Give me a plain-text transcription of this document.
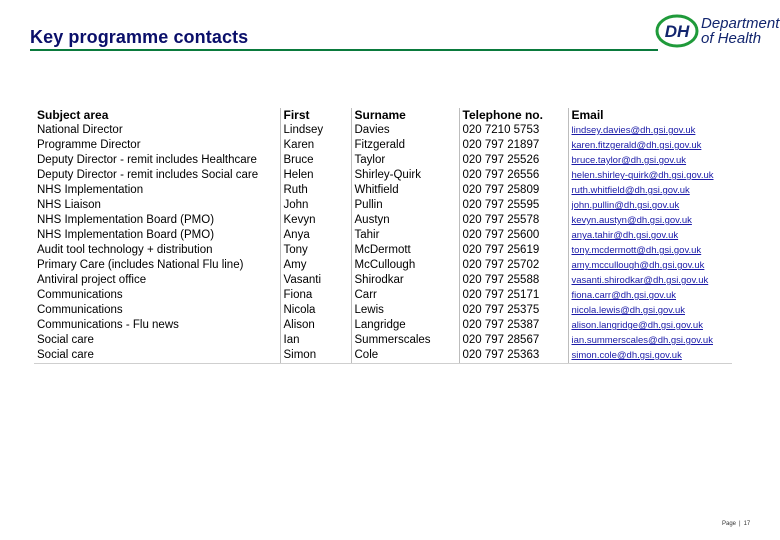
Key programme contacts	DH Department
of Health
Subject area	First	Surname	Telephone no.	Email
National Director	Lindsey	Davies	020 7210 5753	lindsey.davies@dh.gsi.gov.uk
Programme Director	Karen	Fitzgerald	020 797 21897	karen.fitzgerald@dh.gsi.gov.uk
Deputy Director - remit includes Healthcare	Bruce	Taylor	020 797 25526	bruce.taylor@dh.gsi.gov.uk
Deputy Director - remit includes Social care	Helen	Shirley-Quirk	020 797 26556	helen.shirley-quirk@dh.gsi.gov.uk
NHS Implementation	Ruth	Whitfield	020 797 25809	ruth.whitfield@dh.gsi.gov.uk
NHS Liaison	John	Pullin	020 797 25595	john.pullin@dh.gsi.gov.uk
NHS Implementation Board (PMO)	Kevyn	Austyn	020 797 25578	kevyn.austyn@dh.gsi.gov.uk
NHS Implementation Board (PMO)	Anya	Tahir	020 797 25600	anya.tahir@dh.gsi.gov.uk
Audit tool technology + distribution	Tony	McDermott	020 797 25619	tony.mcdermott@dh.gsi.gov.uk
Primary Care (includes National Flu line)	Amy	McCullough	020 797 25702	amy.mccullough@dh.gsi.gov.uk
Antiviral project office	Vasanti	Shirodkar	020 797 25588	vasanti.shirodkar@dh.gsi.gov.uk
Communications	Fiona	Carr	020 797 25171	fiona.carr@dh.gsi.gov.uk
Communications	Nicola	Lewis	020 797 25375	nicola.lewis@dh.gsi.gov.uk
Communications - Flu news	Alison	Langridge	020 797 25387	alison.langridge@dh.gsi.gov.uk
Social care	Ian	Summerscales	020 797 28567	ian.summerscales@dh.gsi.gov.uk
Social care	Simon	Cole	020 797 25363	simon.cole@dh.gsi.gov.uk
Page | 17
